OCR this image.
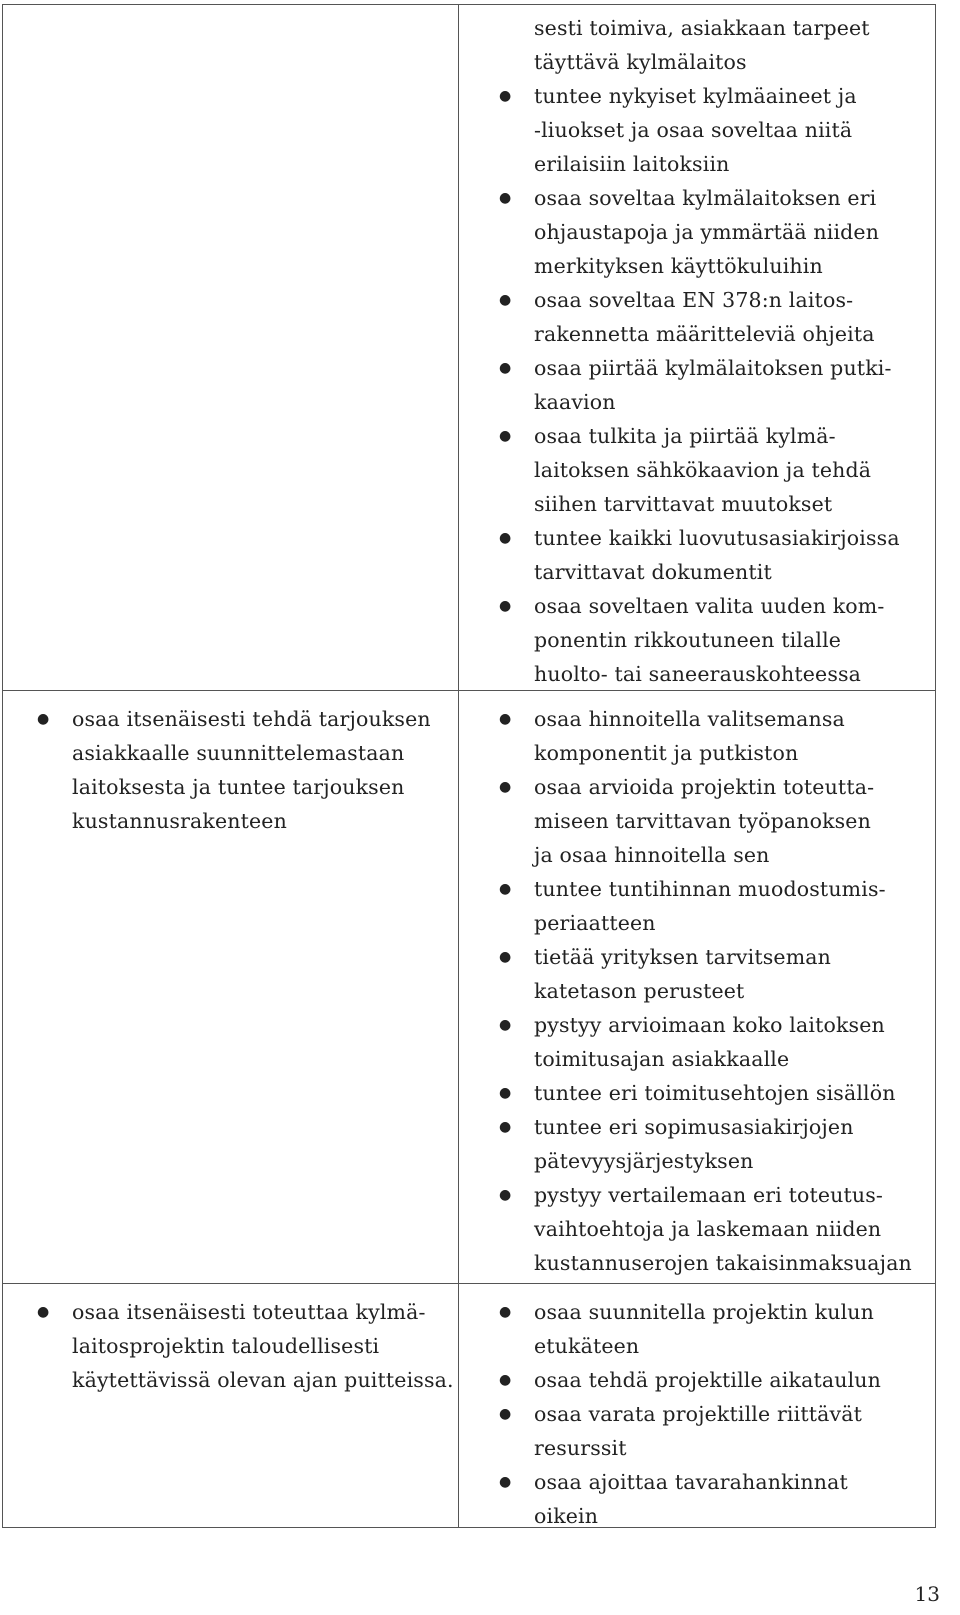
sesti toimiva, asiakkaan tarpeet
täyttävä kylmälaitos
● tuntee nykyiset kylmäaineet ja
-liuokset ja osaa soveltaa niitä
erilaisiin laitoksiin
● osaa soveltaa kylmälaitoksen eri
ohjaustapoja ja ymmärtää niiden
merkityksen käyttökuluihin
● osaa soveltaa EN 378:n laitos-
rakennetta määritteleviä ohjeita
● osaa piirtää kylmälaitoksen putki-
kaavion
● osaa tulkita ja piirtää kylmä-
laitoksen sähkökaavion ja tehdä
siihen tarvittavat muutokset
● tuntee kaikki luovutusasiakirjoissa
tarvittavat dokumentit
● osaa soveltaen valita uuden kom-
ponentin rikkoutuneen tilalle
huolto- tai saneerauskohteessa
● osaa itsenäisesti tehdä tarjouksen
asiakkaalle suunnittelemastaan
laitoksesta ja tuntee tarjouksen
kustannusrakenteen
● osaa hinnoitella valitsemansa
komponentit ja putkiston
● osaa arvioida projektin toteutta-
miseen tarvittavan työpanoksen
ja osaa hinnoitella sen
● tuntee tuntihinnan muodostumis-
periaatteen
● tietää yrityksen tarvitseman
katetason perusteet
● pystyy arvioimaan koko laitoksen
toimitusajan asiakkaalle
● tuntee eri toimitusehtojen sisällön
● tuntee eri sopimusasiakirjojen
pätevyysjärjestyksen
● pystyy vertailemaan eri toteutus-
vaihtoehtoja ja laskemaan niiden
kustannuserojen takaisinmaksuajan
● osaa itsenäisesti toteuttaa kylmä-
laitosprojektin taloudellisesti
käytettävissä olevan ajan puitteissa.
● osaa suunnitella projektin kulun
etukäteen
● osaa tehdä projektille aikataulun
● osaa varata projektille riittävät
resurssit
● osaa ajoittaa tavarahankinnat
oikein
13
